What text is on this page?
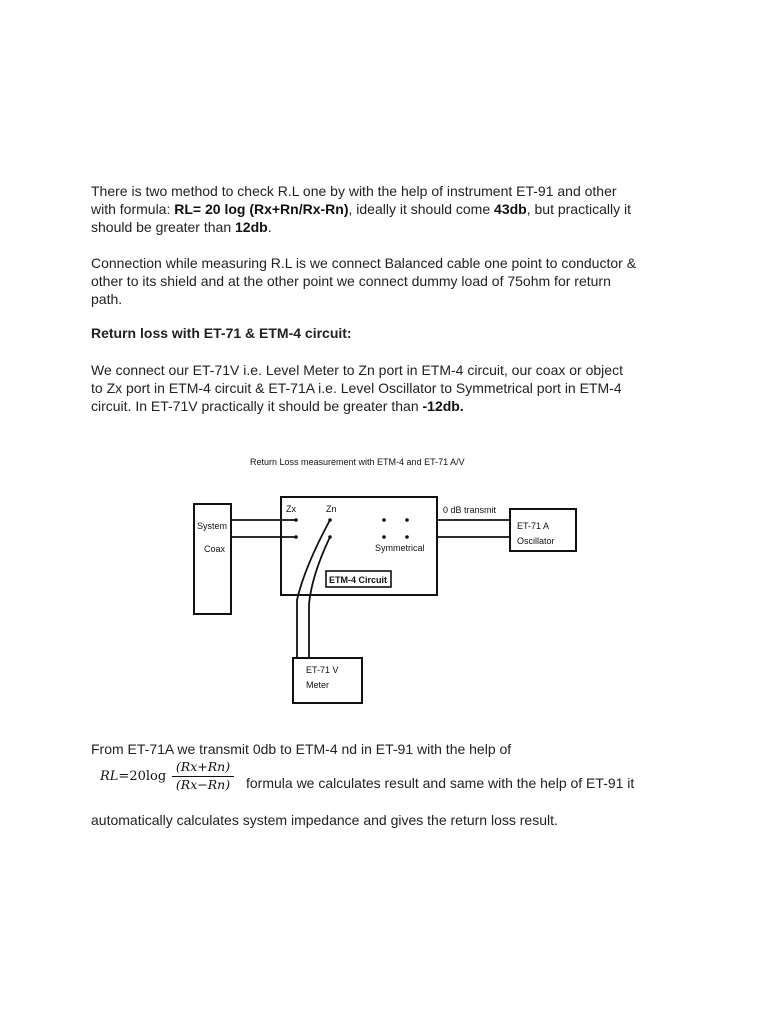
There is two method to check R.L one by with the help of instrument ET-91 and other
with formula: RL= 20 log (Rx+Rn/Rx-Rn), ideally it should come 43db, but practically it
should be greater than 12db.
Connection while measuring R.L is we connect Balanced cable one point to conductor &
other to its shield and at the other point we connect dummy load of 75ohm for return
path.
Return loss with ET-71 & ETM-4 circuit:
We connect our ET-71V i.e. Level Meter to Zn port in ETM-4 circuit, our coax or object
to Zx port in ETM-4 circuit & ET-71A i.e. Level Oscillator to Symmetrical port in ETM-4
circuit. In ET-71V practically it should be greater than -12db.
Return Loss measurement with ETM-4 and ET-71 A/V
System
Coax
Zx	Zn
Symmetrical
ETM-4 Circuit
ET-71 V
Meter
0 dB transmit
ET-71 A
Oscillator
From ET-71A we transmit 0db to ETM-4 nd in ET-91 with the help of
$RL=20\log \frac{(Rx+Rn)}{(Rx-Rn)}$ formula we calculates result and same with the help of ET-91 it
automatically calculates system impedance and gives the return loss result.
